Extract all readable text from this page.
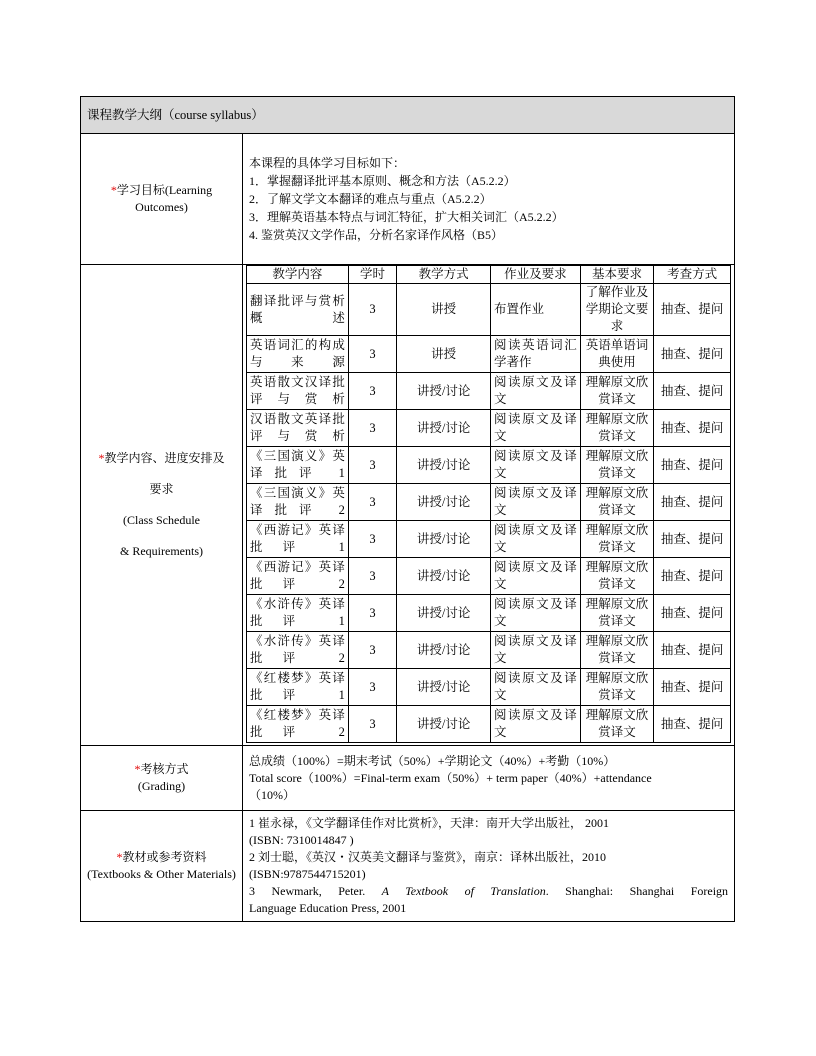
课程教学大纲（course syllabus）
*学习目标(Learning Outcomes)	
本课程的具体学习目标如下：
1．掌握翻译批评基本原则、概念和方法（A5.2.2）
2．了解文学文本翻译的难点与重点（A5.2.2）
3．理解英语基本特点与词汇特征，扩大相关词汇（A5.2.2）
4. 鉴赏英汉文学作品，分析名家译作风格（B5）

*教学内容、进度安排及
要求
(Class Schedule
& Requirements)

教学内容	学时	教学方式	作业及要求	基本要求	考查方式
翻译批评与赏析概述	3	讲授	布置作业	了解作业及学期论文要求	抽查、提问
英语词汇的构成与来源	3	讲授	阅读英语词汇学著作	英语单语词典使用	抽查、提问
英语散文汉译批评与赏析	3	讲授/讨论	阅读原文及译文	理解原文欣赏译文	抽查、提问
汉语散文英译批评与赏析	3	讲授/讨论	阅读原文及译文	理解原文欣赏译文	抽查、提问
《三国演义》英译批评 1	3	讲授/讨论	阅读原文及译文	理解原文欣赏译文	抽查、提问
《三国演义》英译批评 2	3	讲授/讨论	阅读原文及译文	理解原文欣赏译文	抽查、提问
《西游记》英译批评 1	3	讲授/讨论	阅读原文及译文	理解原文欣赏译文	抽查、提问
《西游记》英译批评 2	3	讲授/讨论	阅读原文及译文	理解原文欣赏译文	抽查、提问
《水浒传》英译批评 1	3	讲授/讨论	阅读原文及译文	理解原文欣赏译文	抽查、提问
《水浒传》英译批评 2	3	讲授/讨论	阅读原文及译文	理解原文欣赏译文	抽查、提问
《红楼梦》英译批评 1	3	讲授/讨论	阅读原文及译文	理解原文欣赏译文	抽查、提问
《红楼梦》英译批评 2	3	讲授/讨论	阅读原文及译文	理解原文欣赏译文	抽查、提问

*考核方式
(Grading)

总成绩（100%）=期末考试（50%）+学期论文（40%）+考勤（10%）
Total score（100%）=Final-term exam（50%）+ term paper（40%）+attendance
（10%）

*教材或参考资料
(Textbooks & Other Materials)

1 崔永禄，《文学翻译佳作对比赏析》，天津：南开大学出版社， 2001
(ISBN: 7310014847 )
2 刘士聪，《英汉・汉英美文翻译与鉴赏》，南京：译林出版社，2010
(ISBN:9787544715201)
3 Newmark, Peter. A Textbook of Translation. Shanghai: Shanghai Foreign
Language Education Press, 2001
